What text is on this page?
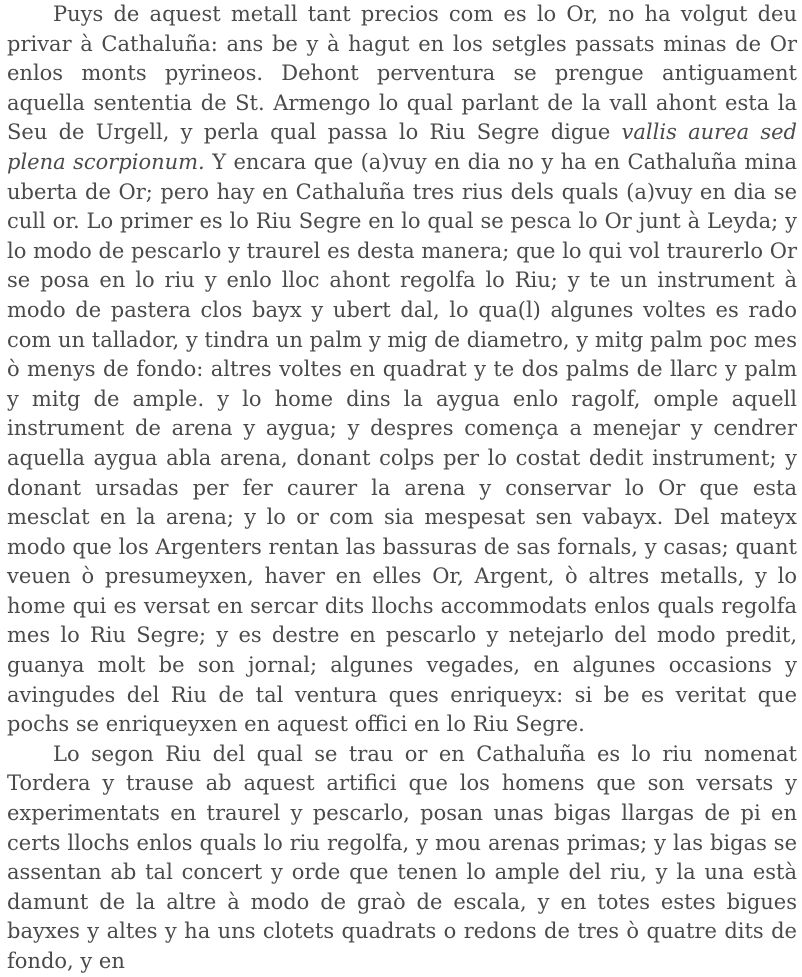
Puys de aquest metall tant precios com es lo Or, no ha volgut deu privar à Cathaluña: ans be y à hagut en los setgles passats minas de Or enlos monts pyrineos. Dehont perventura se prengue antiguament aquella sententia de St. Armengo lo qual parlant de la vall ahont esta la Seu de Urgell, y perla qual passa lo Riu Segre digue vallis aurea sed plena scorpionum. Y encara que (a)vuy en dia no y ha en Cathaluña mina uberta de Or; pero hay en Cathaluña tres rius dels quals (a)vuy en dia se cull or. Lo primer es lo Riu Segre en lo qual se pesca lo Or junt à Leyda; y lo modo de pescarlo y traurel es desta manera; que lo qui vol traurerlo Or se posa en lo riu y enlo lloc ahont regolfa lo Riu; y te un instrument à modo de pastera clos bayx y ubert dal, lo qua(l) algunes voltes es rado com un tallador, y tindra un palm y mig de diametro, y mitg palm poc mes ò menys de fondo: altres voltes en quadrat y te dos palms de llarc y palm y mitg de ample. y lo home dins la aygua enlo ragolf, omple aquell instrument de arena y aygua; y despres començа a menejar y cendrer aquella aygua abla arena, donant colps per lo costat dedit instrument; y donant ursadas per fer caurer la arena y conservar lo Or que esta mesclat en la arena; y lo or com sia mespesat sen vabayx. Del mateyx modo que los Argenters rentan las bassuras de sas fornals, y casas; quant veuen ò presumeyxen, haver en elles Or, Argent, ò altres metalls, y lo home qui es versat en sercar dits llochs accommodats enlos quals regolfa mes lo Riu Segre; y es destre en pescarlo y netejarlo del modo predit, guanya molt be son jornal; algunes vegades, en algunes occasions y avingudes del Riu de tal ventura ques enriqueyx: si be es veritat que pochs se enriqueyxen en aquest offici en lo Riu Segre.

Lo segon Riu del qual se trau or en Cathaluña es lo riu nomenat Tordera y trause ab aquest artifici que los homens que son versats y experimentats en traurel y pescarlo, posan unas bigas llargas de pi en certs llochs enlos quals lo riu regolfa, y mou arenas primas; y las bigas se assentan ab tal concert y orde que tenen lo ample del riu, y la una està damunt de la altre à modo de graò de escala, y en totes estes bigues bayxes y altes y ha uns clotets quadrats o redons de tres ò quatre dits de fondo, y en
